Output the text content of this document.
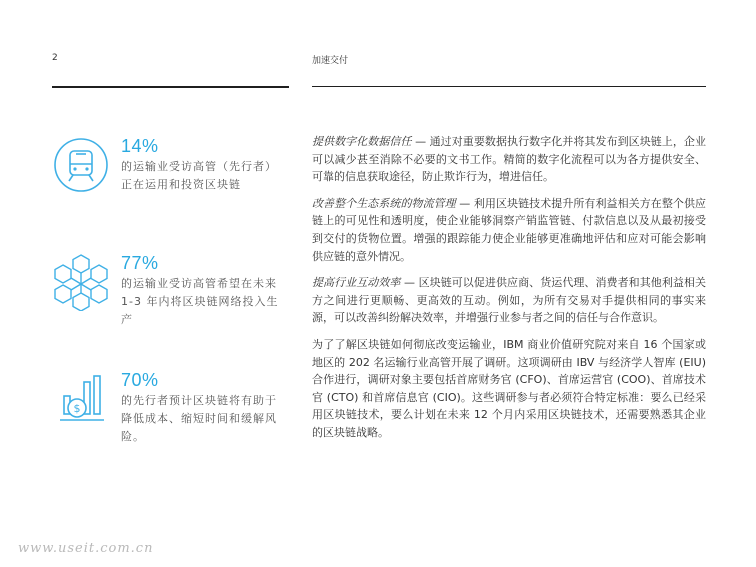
2	加速交付
14%
的运输业受访高管（先行者）正在运用和投资区块链
77%
的运输业受访高管希望在未来 1-3 年内将区块链网络投入生产
$
70%
的先行者预计区块链将有助于降低成本、缩短时间和缓解风险。

提供数字化数据信任 — 通过对重要数据执行数字化并将其发布到区块链上，企业可以减少甚至消除不必要的文书工作。精简的数字化流程可以为各方提供安全、可靠的信息获取途径，防止欺诈行为，增进信任。

改善整个生态系统的物流管理 — 利用区块链技术提升所有利益相关方在整个供应链上的可见性和透明度，使企业能够洞察产销监管链、付款信息以及从最初接受到交付的货物位置。增强的跟踪能力使企业能够更准确地评估和应对可能会影响供应链的意外情况。

提高行业互动效率 — 区块链可以促进供应商、货运代理、消费者和其他利益相关方之间进行更顺畅、更高效的互动。例如，为所有交易对手提供相同的事实来源，可以改善纠纷解决效率，并增强行业参与者之间的信任与合作意识。

为了了解区块链如何彻底改变运输业，IBM 商业价值研究院对来自 16 个国家或地区的 202 名运输行业高管开展了调研。这项调研由 IBV 与经济学人智库 (EIU) 合作进行，调研对象主要包括首席财务官 (CFO)、首席运营官 (COO)、首席技术官 (CTO) 和首席信息官 (CIO)。这些调研参与者必须符合特定标准：要么已经采用区块链技术，要么计划在未来 12 个月内采用区块链技术，还需要熟悉其企业的区块链战略。

www.useit.com.cn
